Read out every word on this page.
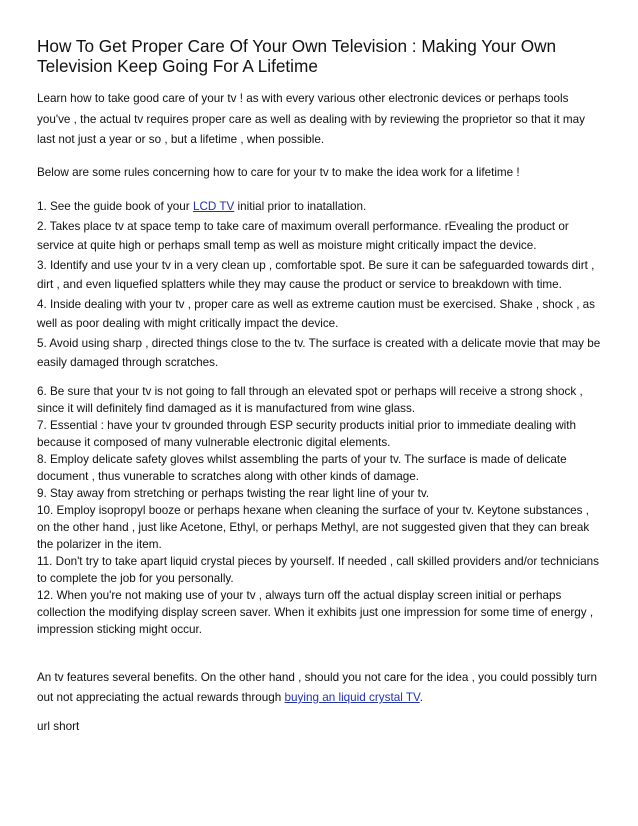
How To Get Proper Care Of Your Own Television : Making Your Own Television Keep Going For A Lifetime

Learn how to take good care of your tv ! as with every various other electronic devices or perhaps tools you've , the actual tv requires proper care as well as dealing with by reviewing the proprietor so that it may last not just a year or so , but a lifetime , when possible.

Below are some rules concerning how to care for your tv to make the idea work for a lifetime !

1. See the guide book of your LCD TV initial prior to inatallation.
2. Takes place tv at space temp to take care of maximum overall performance. rEvealing the product or service at quite high or perhaps small temp as well as moisture might critically impact the device.
3. Identify and use your tv in a very clean up , comfortable spot. Be sure it can be safeguarded towards dirt , dirt , and even liquefied splatters while they may cause the product or service to breakdown with time.
4. Inside dealing with your tv , proper care as well as extreme caution must be exercised. Shake , shock , as well as poor dealing with might critically impact the device.
5. Avoid using sharp , directed things close to the tv. The surface is created with a delicate movie that may be easily damaged through scratches.
6. Be sure that your tv is not going to fall through an elevated spot or perhaps will receive a strong shock , since it will definitely find damaged as it is manufactured from wine glass.
7. Essential : have your tv grounded through ESP security products initial prior to immediate dealing with because it composed of many vulnerable electronic digital elements.
8. Employ delicate safety gloves whilst assembling the parts of your tv. The surface is made of delicate document , thus vunerable to scratches along with other kinds of damage.
9. Stay away from stretching or perhaps twisting the rear light line of your tv.
10. Employ isopropyl booze or perhaps hexane when cleaning the surface of your tv. Keytone substances , on the other hand , just like Acetone, Ethyl, or perhaps Methyl, are not suggested given that they can break the polarizer in the item.
11. Don't try to take apart liquid crystal pieces by yourself. If needed , call skilled providers and/or technicians to complete the job for you personally.
12. When you're not making use of your tv , always turn off the actual display screen initial or perhaps collection the modifying display screen saver. When it exhibits just one impression for some time of energy , impression sticking might occur.

An tv features several benefits. On the other hand , should you not care for the idea , you could possibly turn out not appreciating the actual rewards through buying an liquid crystal TV.

url short
